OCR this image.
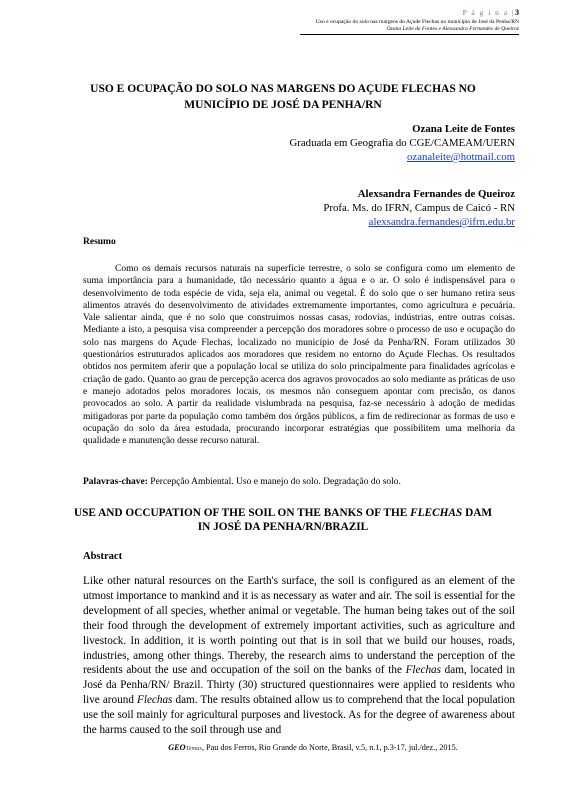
P á g i n a |3
Uso e ocupação do solo nas margens do Açude Flechas no município de José da Penha/RN
Ozana Leite de Fontes e Alexsandra Fernandes de Queiroz
USO E OCUPAÇÃO DO SOLO NAS MARGENS DO AÇUDE FLECHAS NO MUNICÍPIO DE JOSÉ DA PENHA/RN
Ozana Leite de Fontes
Graduada em Geografia do CGE/CAMEAM/UERN
ozanaleite@hotmail.com
Alexsandra Fernandes de Queiroz
Profa. Ms. do IFRN, Campus de Caicó - RN
alexsandra.fernandes@ifrn.edu.br
Resumo
Como os demais recursos naturais na superfície terrestre, o solo se configura como um elemento de suma importância para a humanidade, tão necessário quanto a água e o ar. O solo é indispensável para o desenvolvimento de toda espécie de vida, seja ela, animal ou vegetal. É do solo que o ser humano retira seus alimentos através do desenvolvimento de atividades extremamente importantes, como agricultura e pecuária. Vale salientar ainda, que é no solo que construímos nossas casas, rodovias, indústrias, entre outras coisas. Mediante a isto, a pesquisa visa compreender a percepção dos moradores sobre o processo de uso e ocupação do solo nas margens do Açude Flechas, localizado no município de José da Penha/RN. Foram utilizados 30 questionários estruturados aplicados aos moradores que residem no entorno do Açude Flechas. Os resultados obtidos nos permitem aferir que a população local se utiliza do solo principalmente para finalidades agrícolas e criação de gado. Quanto ao grau de percepção acerca dos agravos provocados ao solo mediante as práticas de uso e manejo adotados pelos moradores locais, os mesmos não conseguem apontar com precisão, os danos provocados ao solo. A partir da realidade vislumbrada na pesquisa, faz-se necessário à adoção de medidas mitigadoras por parte da população como também dos órgãos públicos, a fim de redirecionar as formas de uso e ocupação do solo da área estudada, procurando incorporar estratégias que possibilitem uma melhoria da qualidade e manutenção desse recurso natural.
Palavras-chave: Percepção Ambiental. Uso e manejo do solo. Degradação do solo.
USE AND OCCUPATION OF THE SOIL ON THE BANKS OF THE FLECHAS DAM IN JOSÉ DA PENHA/RN/BRAZIL
Abstract
Like other natural resources on the Earth's surface, the soil is configured as an element of the utmost importance to mankind and it is as necessary as water and air. The soil is essential for the development of all species, whether animal or vegetable. The human being takes out of the soil their food through the development of extremely important activities, such as agriculture and livestock. In addition, it is worth pointing out that is in soil that we build our houses, roads, industries, among other things. Thereby, the research aims to understand the perception of the residents about the use and occupation of the soil on the banks of the Flechas dam, located in José da Penha/RN/ Brazil. Thirty (30) structured questionnaires were applied to residents who live around Flechas dam. The results obtained allow us to comprehend that the local population use the soil mainly for agricultural purposes and livestock. As for the degree of awareness about the harms caused to the soil through use and
GEOTemas, Pau dos Ferros, Rio Grande do Norte, Brasil, v.5, n.1, p.3-17, jul./dez., 2015.
